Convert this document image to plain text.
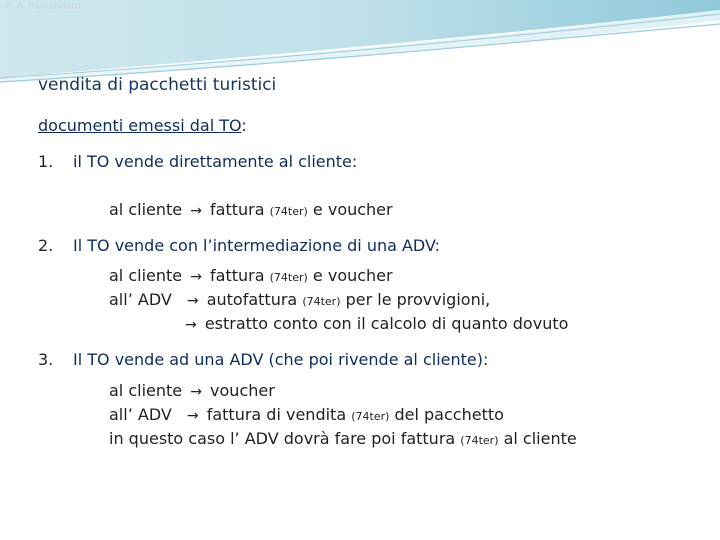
© R. Ramondetti
vendita di pacchetti turistici
documenti emessi dal TO:
1. il TO vende direttamente al cliente:
al cliente → fattura (74ter) e voucher
2. Il TO vende con l’intermediazione di una ADV:
al cliente → fattura (74ter) e voucher
all’ ADV → autofattura (74ter) per le provvigioni,
→ estratto conto con il calcolo di quanto dovuto
3. Il TO vende ad una ADV (che poi rivende al cliente):
al cliente → voucher
all’ ADV → fattura di vendita (74ter) del pacchetto
in questo caso l’ ADV dovrà fare poi fattura (74ter) al cliente
